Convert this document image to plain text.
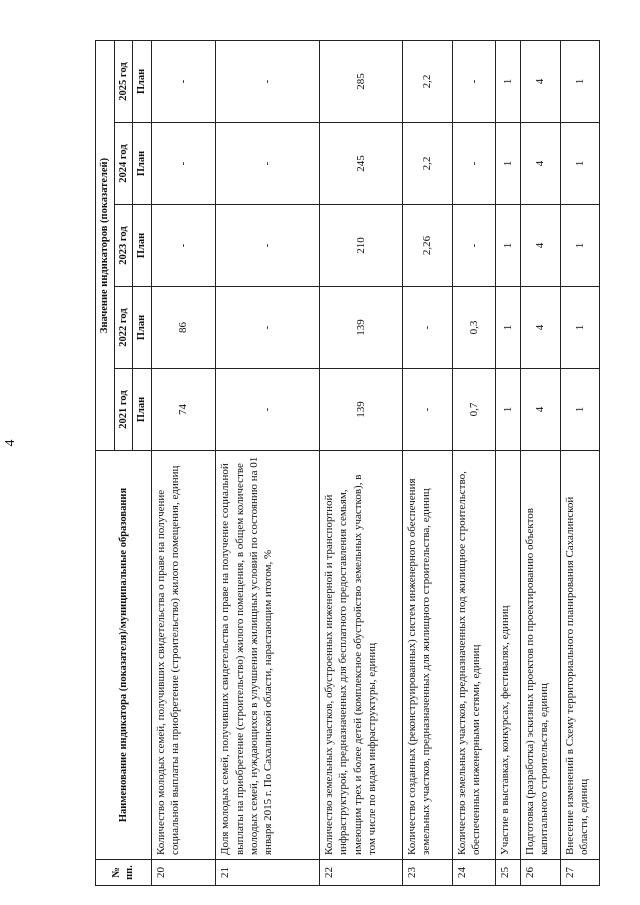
4
№ пп.	Наименование индикатора (показателя)/муниципальные образования	Значение индикаторов (показателей)				
		2021 год	2022 год	2023 год	2024 год	2025 год
		План	План	План	План	План
20	Количество молодых семей, получивших свидетельства о праве на получение социальной выплаты на приобретение (строительство) жилого помещения, единиц	74	86	-	-	-
21	Доля молодых семей, получивших свидетельства о праве на получение социальной выплаты на приобретение (строительство) жилого помещения, в общем количестве молодых семей, нуждающихся в улучшении жилищных условий по состоянию на 01 января 2015 г. По Сахалинской области, нарастающим итогом, %	-	-	-	-	-
22	Количество земельных участков, обустроенных инженерной и транспортной инфраструктурой, предназначенных для бесплатного предоставления семьям, имеющим трех и более детей (комплексное обустройство земельных участков), в том числе по видам инфраструктуры, единиц	139	139	210	245	285
23	Количество созданных (реконструированных) систем инженерного обеспечения земельных участков, предназначенных для жилищного строительства, единиц	-	-	2,26	2,2	2,2
24	Количество земельных участков, предназначенных под жилищное строительство, обеспеченных инженерными сетями, единиц	0,7	0,3	-	-	-
25	Участие в выставках, конкурсах, фестивалях, единиц	1	1	1	1	1
26	Подготовка (разработка) эскизных проектов по проектированию объектов капитального строительства, единиц	4	4	4	4	4
27	Внесение изменений в Схему территориального планирования Сахалинской области, единиц	1	1	1	1	1
